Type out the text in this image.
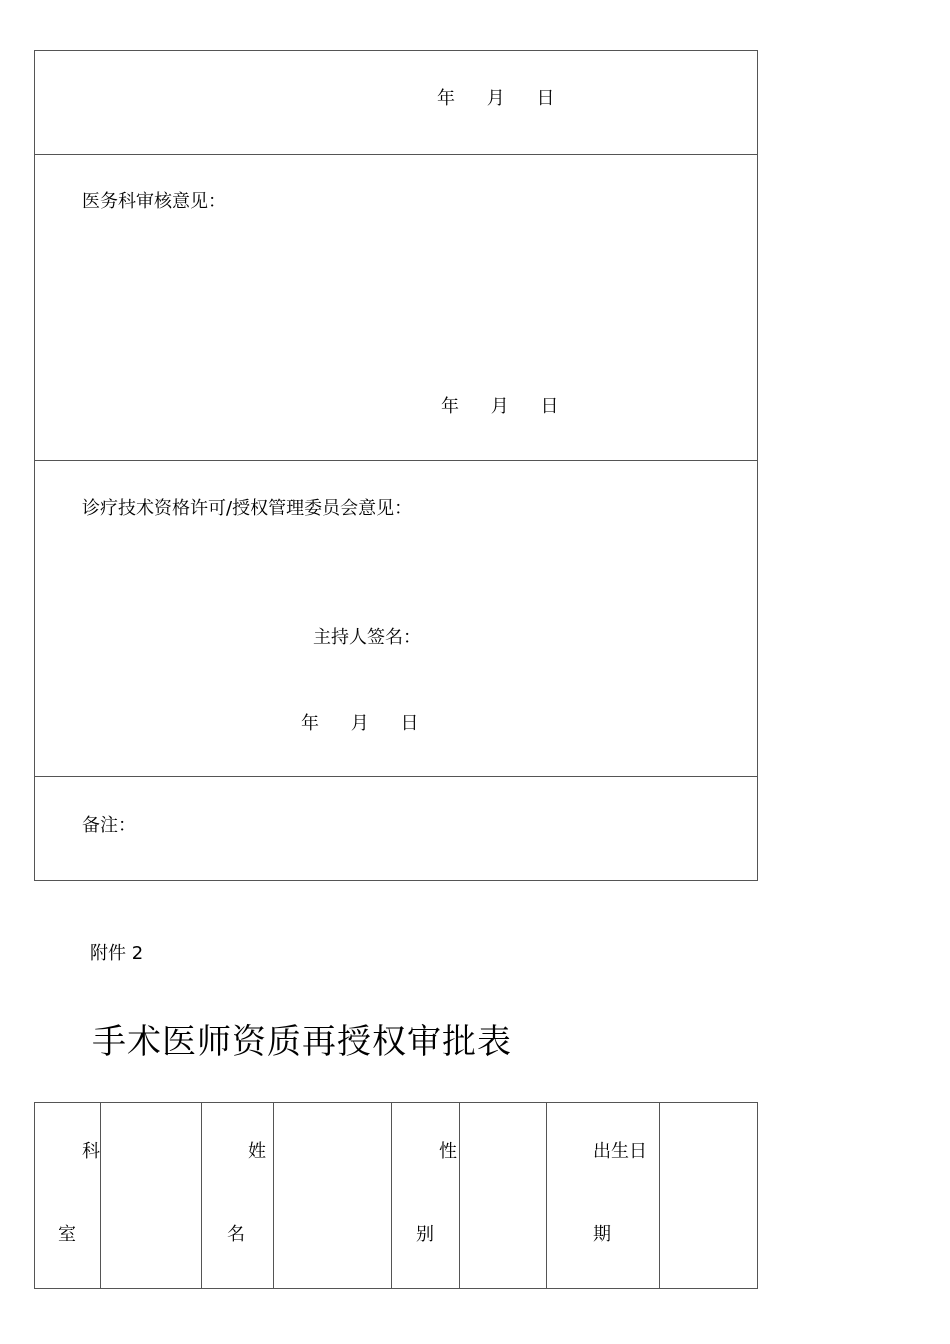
年 月 日
医务科审核意见：
年 月 日
诊疗技术资格许可/授权管理委员会意见：
主持人签名：
年 月 日
备注：
附件 2
手术医师资质再授权审批表
科
室
姓
名
性
别
出生日
期
